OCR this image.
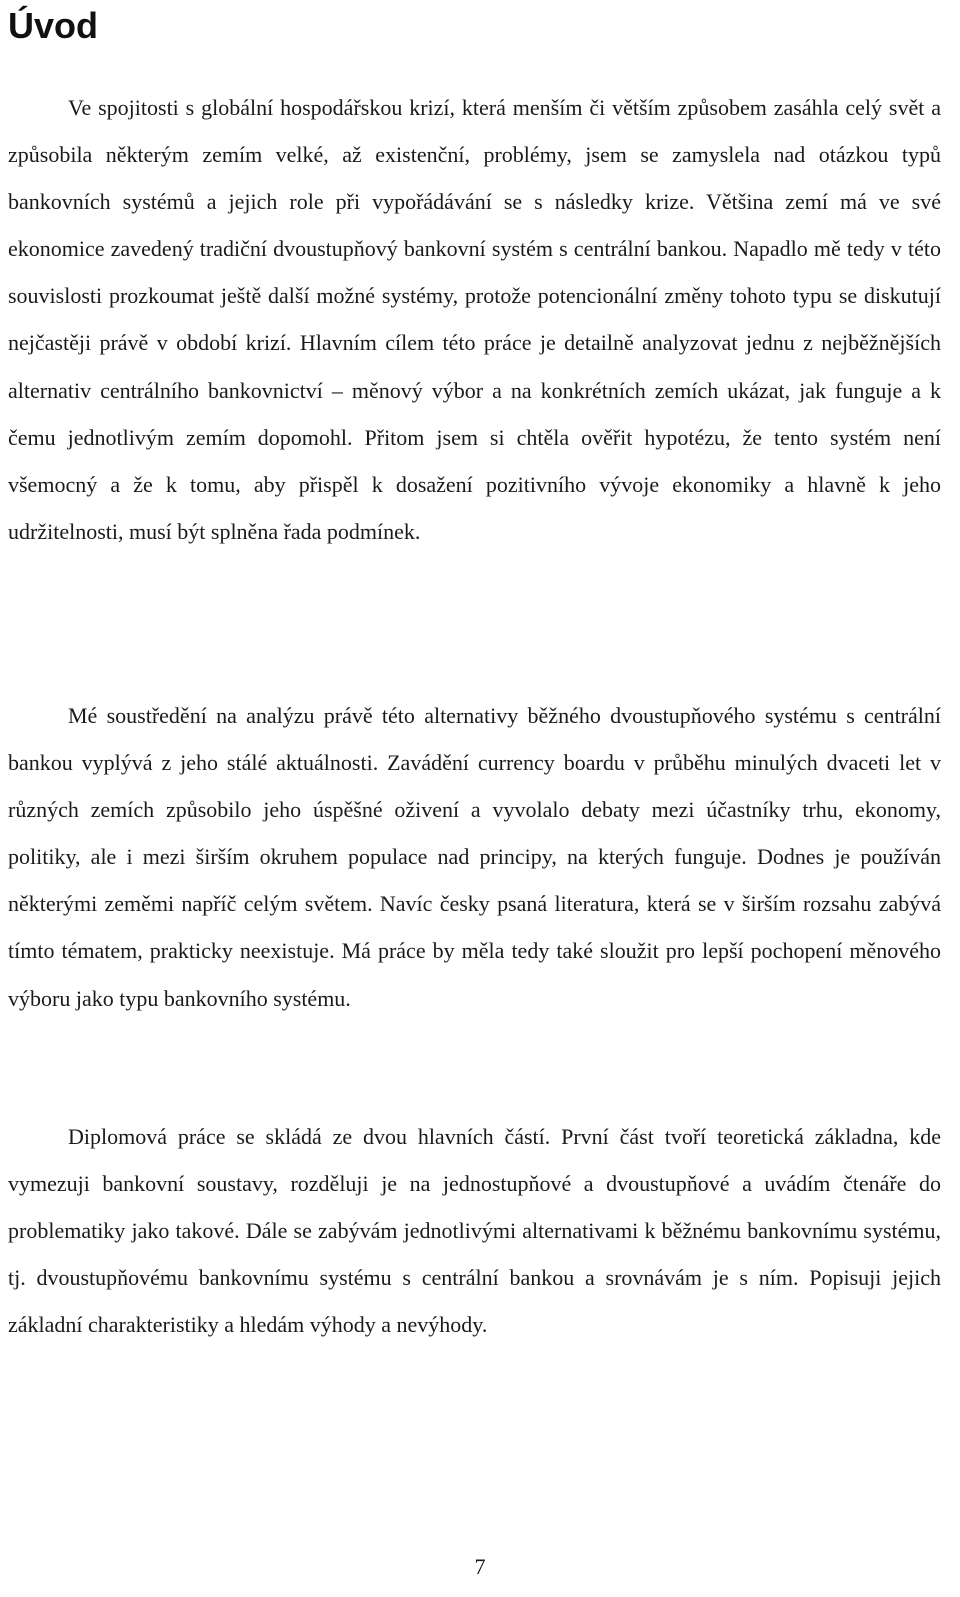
Úvod

Ve spojitosti s globální hospodářskou krizí, která menším či větším způsobem zasáhla celý svět a způsobila některým zemím velké, až existenční, problémy, jsem se zamyslela nad otázkou typů bankovních systémů a jejich role při vypořádávání se s následky krize. Většina zemí má ve své ekonomice zavedený tradiční dvoustupňový bankovní systém s centrální bankou. Napadlo mě tedy v této souvislosti prozkoumat ještě další možné systémy, protože potencionální změny tohoto typu se diskutují nejčastěji právě v období krizí. Hlavním cílem této práce je detailně analyzovat jednu z nejběžnějších alternativ centrálního bankovnictví – měnový výbor a na konkrétních zemích ukázat, jak funguje a k čemu jednotlivým zemím dopomohl. Přitom jsem si chtěla ověřit hypotézu, že tento systém není všemocný a že k tomu, aby přispěl k dosažení pozitivního vývoje ekonomiky a hlavně k jeho udržitelnosti, musí být splněna řada podmínek.

Mé soustředění na analýzu právě této alternativy běžného dvoustupňového systému s centrální bankou vyplývá z jeho stálé aktuálnosti. Zavádění currency boardu v průběhu minulých dvaceti let v různých zemích způsobilo jeho úspěšné oživení a vyvolalo debaty mezi účastníky trhu, ekonomy, politiky, ale i mezi širším okruhem populace nad principy, na kterých funguje. Dodnes je používán některými zeměmi napříč celým světem. Navíc česky psaná literatura, která se v širším rozsahu zabývá tímto tématem, prakticky neexistuje. Má práce by měla tedy také sloužit pro lepší pochopení měnového výboru jako typu bankovního systému.

Diplomová práce se skládá ze dvou hlavních částí. První část tvoří teoretická základna, kde vymezuji bankovní soustavy, rozděluji je na jednostupňové a dvoustupňové a uvádím čtenáře do problematiky jako takové. Dále se zabývám jednotlivými alternativami k běžnému bankovnímu systému, tj. dvoustupňovému bankovnímu systému s centrální bankou a srovnávám je s ním. Popisuji jejich základní charakteristiky a hledám výhody a nevýhody.

7
